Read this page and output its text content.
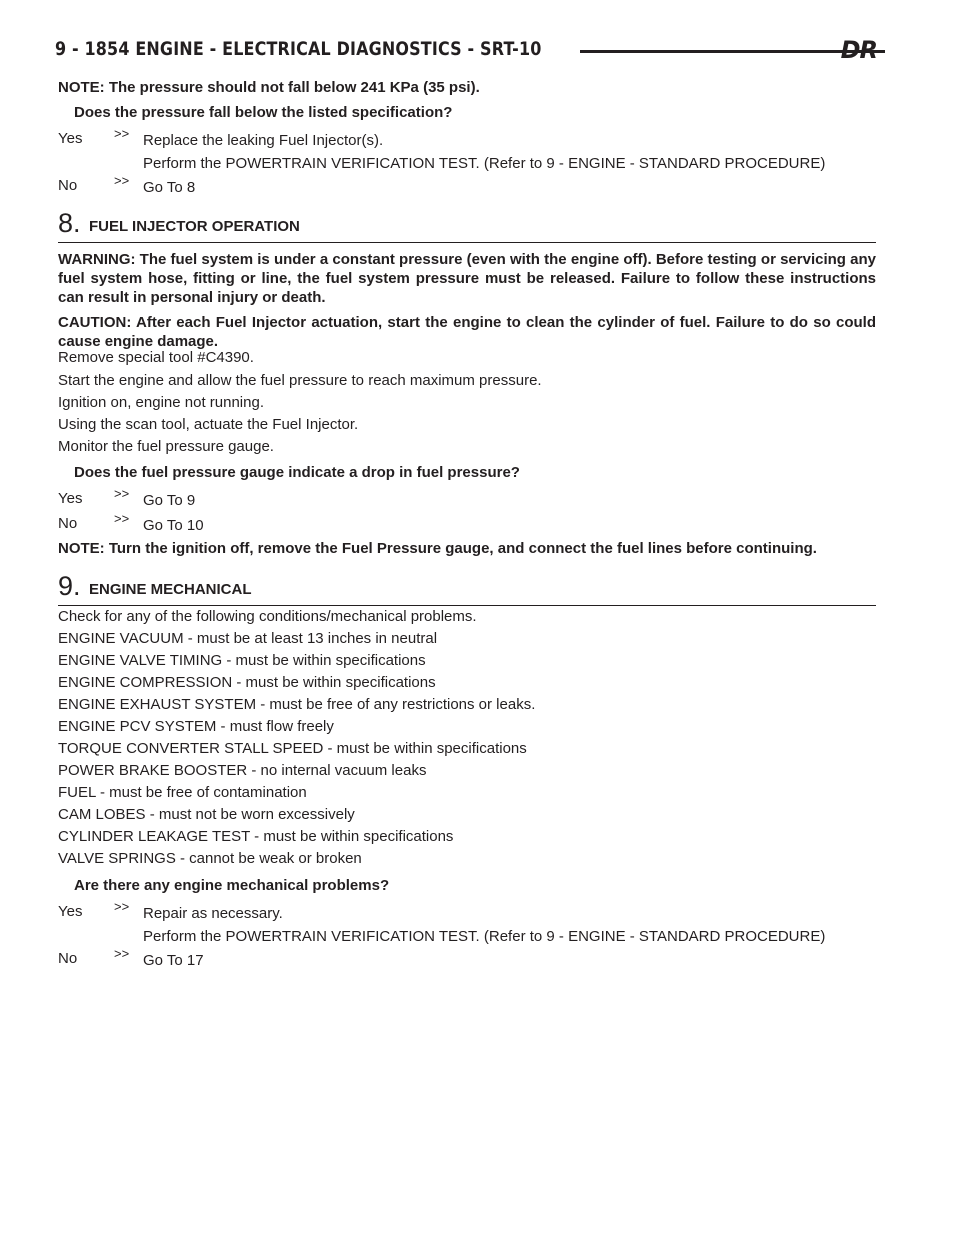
9 - 1854 ENGINE - ELECTRICAL DIAGNOSTICS - SRT-10	DR
NOTE: The pressure should not fall below 241 KPa (35 psi).
Does the pressure fall below the listed specification?
Yes >> Replace the leaking Fuel Injector(s).
Perform the POWERTRAIN VERIFICATION TEST. (Refer to 9 - ENGINE - STANDARD PROCEDURE)
No	>> Go To 8
8. FUEL INJECTOR OPERATION
WARNING: The fuel system is under a constant pressure (even with the engine off). Before testing or servicing any fuel system hose, fitting or line, the fuel system pressure must be released. Failure to follow these instructions can result in personal injury or death.
CAUTION: After each Fuel Injector actuation, start the engine to clean the cylinder of fuel. Failure to do so could cause engine damage.
Remove special tool #C4390.
Start the engine and allow the fuel pressure to reach maximum pressure.
Ignition on, engine not running.
Using the scan tool, actuate the Fuel Injector.
Monitor the fuel pressure gauge.
Does the fuel pressure gauge indicate a drop in fuel pressure?
Yes >> Go To 9
No	>> Go To 10
NOTE: Turn the ignition off, remove the Fuel Pressure gauge, and connect the fuel lines before continuing.
9. ENGINE MECHANICAL
Check for any of the following conditions/mechanical problems.
ENGINE VACUUM - must be at least 13 inches in neutral
ENGINE VALVE TIMING - must be within specifications
ENGINE COMPRESSION - must be within specifications
ENGINE EXHAUST SYSTEM - must be free of any restrictions or leaks.
ENGINE PCV SYSTEM - must flow freely
TORQUE CONVERTER STALL SPEED - must be within specifications
POWER BRAKE BOOSTER - no internal vacuum leaks
FUEL - must be free of contamination
CAM LOBES - must not be worn excessively
CYLINDER LEAKAGE TEST - must be within specifications
VALVE SPRINGS - cannot be weak or broken
Are there any engine mechanical problems?
Yes >> Repair as necessary.
Perform the POWERTRAIN VERIFICATION TEST. (Refer to 9 - ENGINE - STANDARD PROCEDURE)
No	>> Go To 17
